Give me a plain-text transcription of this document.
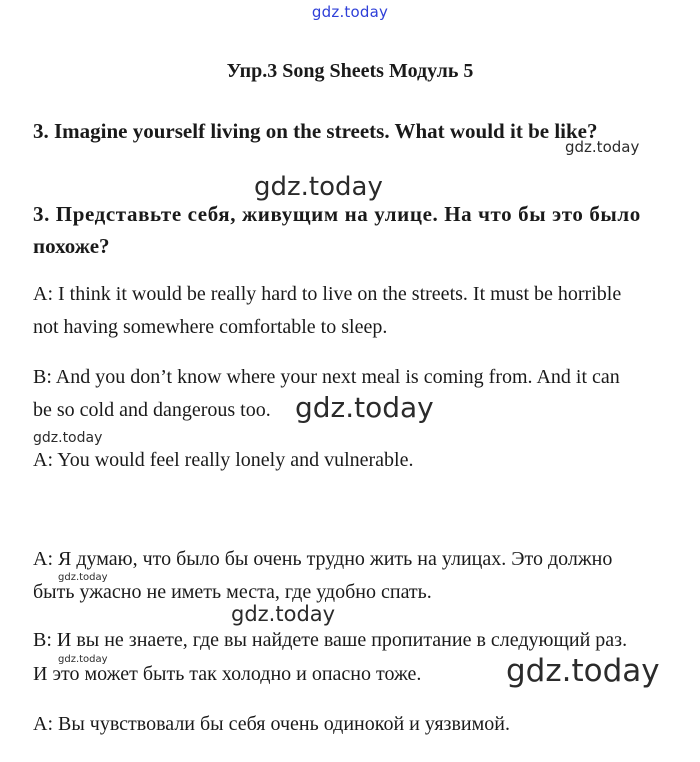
gdz.today
gdz.today
gdz.today
gdz.today
gdz.today
gdz.today
gdz.today
gdz.today	gdz.today
Упр.3 Song Sheets Модуль 5
3. Imagine yourself living on the streets. What would it be like?
3. Представьте себя, живущим на улице. На что бы это было
похоже?
A: I think it would be really hard to live on the streets. It must be horrible
not having somewhere comfortable to sleep.
B: And you don’t know where your next meal is coming from. And it can
be so cold and dangerous too.
A: You would feel really lonely and vulnerable.
А: Я думаю, что было бы очень трудно жить на улицах. Это должно
быть ужасно не иметь места, где удобно спать.
В: И вы не знаете, где вы найдете ваше пропитание в следующий раз.
И это может быть так холодно и опасно тоже.
А: Вы чувствовали бы себя очень одинокой и уязвимой.
